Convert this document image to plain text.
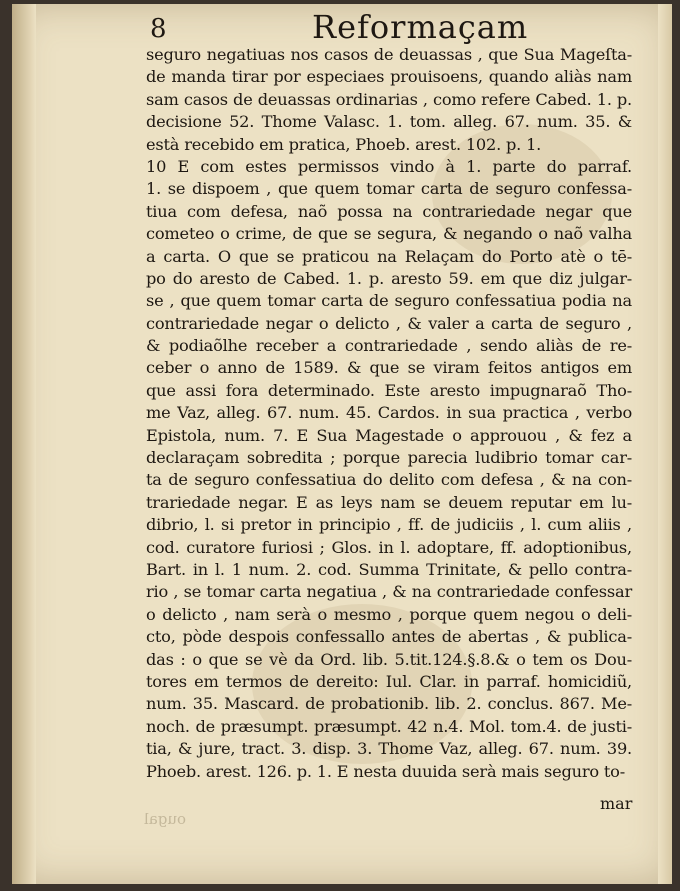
8	Reformaçam
seguro negatiuas nos casos de deuassas , que Sua Mageſta-
de manda tirar por especiaes prouisoens, quando aliàs nam
sam casos de deuassas ordinarias , como refere Cabed. 1. p.
decisione 52. Thome Valasc. 1. tom. alleg. 67. num. 35. &
està recebido em pratica, Phoeb. arest. 102. p. 1.
10 E com estes permissos vindo à 1. parte do parraf.
1. se dispoem , que quem tomar carta de seguro confessa-
tiua com defesa, naõ possa na contrariedade negar que
cometeo o crime, de que se segura, & negando o naõ valha
a carta. O que se praticou na Relaçam do Porto atè o tē-
po do aresto de Cabed. 1. p. aresto 59. em que diz julgar-
se , que quem tomar carta de seguro confessatiua podia na
contrariedade negar o delicto , & valer a carta de seguro ,
& podiaõlhe receber a contrariedade , sendo aliàs de re-
ceber o anno de 1589. & que se viram feitos antigos em
que assi fora determinado. Este aresto impugnaraõ Tho-
me Vaz, alleg. 67. num. 45. Cardos. in sua practica , verbo
Epistola, num. 7. E Sua Magestade o approuou , & fez a
declaraçam sobredita ; porque parecia ludibrio tomar car-
ta de seguro confessatiua do delito com defesa , & na con-
trariedade negar. E as leys nam se deuem reputar em lu-
dibrio, l. si pretor in principio , ff. de judiciis , l. cum aliis ,
cod. curatore furiosi ; Glos. in l. adoptare, ff. adoptionibus,
Bart. in l. 1 num. 2. cod. Summa Trinitate, & pello contra-
rio , se tomar carta negatiua , & na contrariedade confessar
o delicto , nam serà o mesmo , porque quem negou o deli-
cto, pòde despois confessallo antes de abertas , & publica-
das : o que se vè da Ord. lib. 5.tit.124.§.8.& o tem os Dou-
tores em termos de dereito: Iul. Clar. in parraf. homicidiũ,
num. 35. Mascard. de probationib. lib. 2. conclus. 867. Me-
noch. de præsumpt. præsumpt. 42 n.4. Mol. tom.4. de justi-
tia, & jure, tract. 3. disp. 3. Thome Vaz, alleg. 67. num. 39.
Phoeb. arest. 126. p. 1. E nesta duuida serà mais seguro to-
mar
ougal
